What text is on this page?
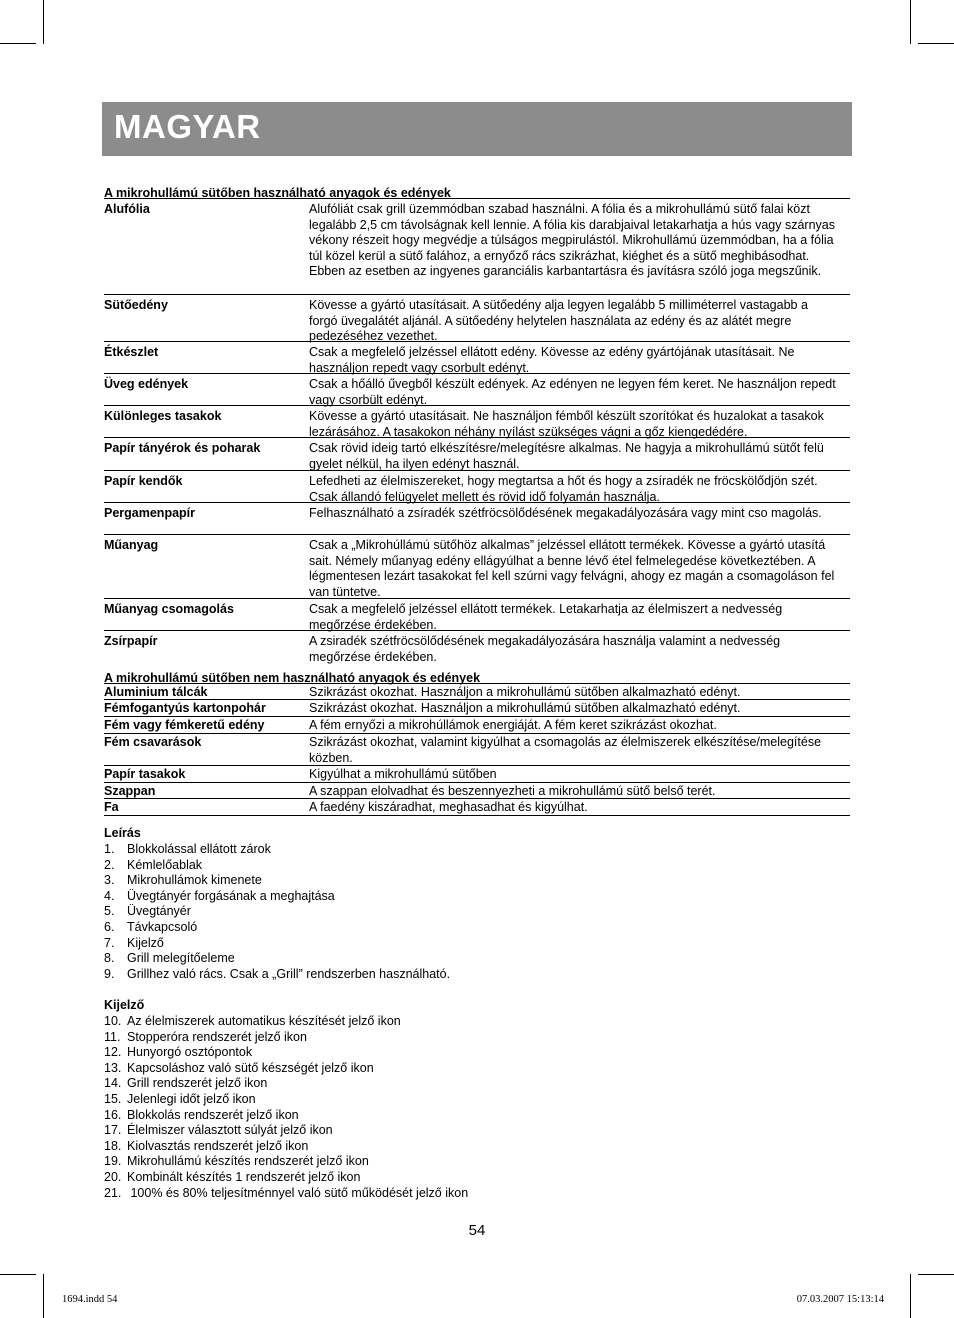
MAGYAR
A mikrohullámú sütőben használható anyagok és edények
Alufólia	Alufóliát csak grill üzemmódban szabad használni. A fólia és a mikrohullámú sütő falai közt legalább 2,5 cm távolságnak kell lennie. A fólia kis darabjaival letakarhatja a hús vagy szárnyas vékony részeit hogy megvédje a túlságos megpirulástól. Mikrohullámú üzemmódban, ha a fólia túl közel kerül a sütő falához, a ernyőző rács szikrázhat, kiéghet és a sütő meghibásodhat. Ebben az esetben az ingyenes garanciális karbantartásra és javításra szóló joga megszűnik.
Sütőedény	Kövesse a gyártó utasításait. A sütőedény alja legyen legalább 5 milliméterrel vastagabb a forgó üvegalátét aljánál. A sütőedény helytelen használata az edény és az alátét megre pedezéséhez vezethet.
Étkészlet	Csak a megfelelő jelzéssel ellátott edény. Kövesse az edény gyártójának utasításait. Ne használjon repedt vagy csorbult edényt.
Üveg edények	Csak a hőálló űvegből készült edények. Az edényen ne legyen fém keret. Ne használjon repedt vagy csorbült edényt.
Különleges tasakok	Kövesse a gyártó utasításait. Ne használjon fémből készült szorítókat és huzalokat a tasakok lezárásához. A tasakokon néhány nyílást szükséges vágni a gőz kiengedédére.
Papír tányérok és poharak	Csak rövid ideig tartó elkészítésre/melegítésre alkalmas. Ne hagyja a mikrohullámú sütőt felü gyelet nélkül, ha ilyen edényt használ.
Papír kendők	Lefedheti az élelmiszereket, hogy megtartsa a hőt és hogy a zsíradék ne fröcskölődjön szét. Csak állandó felügyelet mellett és rövid idő folyamán használja.
Pergamenpapír	Felhasználható a zsíradék szétfröcsölődésének megakadályozására vagy mint cso magolás.
Műanyag	Csak a „Mikrohúllámú sütőhöz alkalmas” jelzéssel ellátott termékek. Kövesse a gyártó utasítá sait. Némely műanyag edény ellágyúlhat a benne lévő étel felmelegedése következtében. A légmentesen lezárt tasakokat fel kell szúrni vagy felvágni, ahogy ez magán a csomagoláson fel van tüntetve.
Műanyag csomagolás	Csak a megfelelő jelzéssel ellátott termékek. Letakarhatja az élelmiszert a nedvesség megőrzése érdekében.
Zsírpapír	A zsiradék szétfröcsölődésének megakadályozására használja valamint a nedvesség megőrzése érdekében.
A mikrohullámú sütőben nem használható anyagok és edények
Aluminium tálcák	Szikrázást okozhat. Használjon a mikrohullámú sütőben alkalmazható edényt.
Fémfogantyús kartonpohár	Szikrázást okozhat. Használjon a mikrohullámú sütőben alkalmazható edényt.
Fém vagy fémkeretű edény	A fém ernyőzi a mikrohúllámok energiáját. A fém keret szikrázást okozhat.
Fém csavarások	Szikrázást okozhat, valamint kigyúlhat a csomagolás az élelmiszerek elkészítése/melegítése közben.
Papír tasakok	Kigyúlhat a mikrohullámú sütőben
Szappan	A szappan elolvadhat és beszennyezheti a mikrohullámú sütő belső terét.
Fa	A faedény kiszáradhat, meghasadhat és kigyúlhat.
Leírás
1. Blokkolással ellátott zárok
2. Kémlelőablak
3. Mikrohullámok kimenete
4. Üvegtányér forgásának a meghajtása
5. Üvegtányér
6. Távkapcsoló
7. Kijelző
8. Grill melegítőeleme
9. Grillhez való rács. Csak a „Grill” rendszerben használható.
Kijelző
10. Az élelmiszerek automatikus készítését jelző ikon
11. Stopperóra rendszerét jelző ikon
12. Hunyorgó osztópontok
13. Kapcsoláshoz való sütő készségét jelző ikon
14. Grill rendszerét jelző ikon
15. Jelenlegi időt jelző ikon
16. Blokkolás rendszerét jelző ikon
17. Élelmiszer választott súlyát jelző ikon
18. Kiolvasztás rendszerét jelző ikon
19. Mikrohullámú készítés rendszerét jelző ikon
20. Kombinált készítés 1 rendszerét jelző ikon
21. 100% és 80% teljesítménnyel való sütő működését jelző ikon
54
1694.indd 54	07.03.2007 15:13:14
